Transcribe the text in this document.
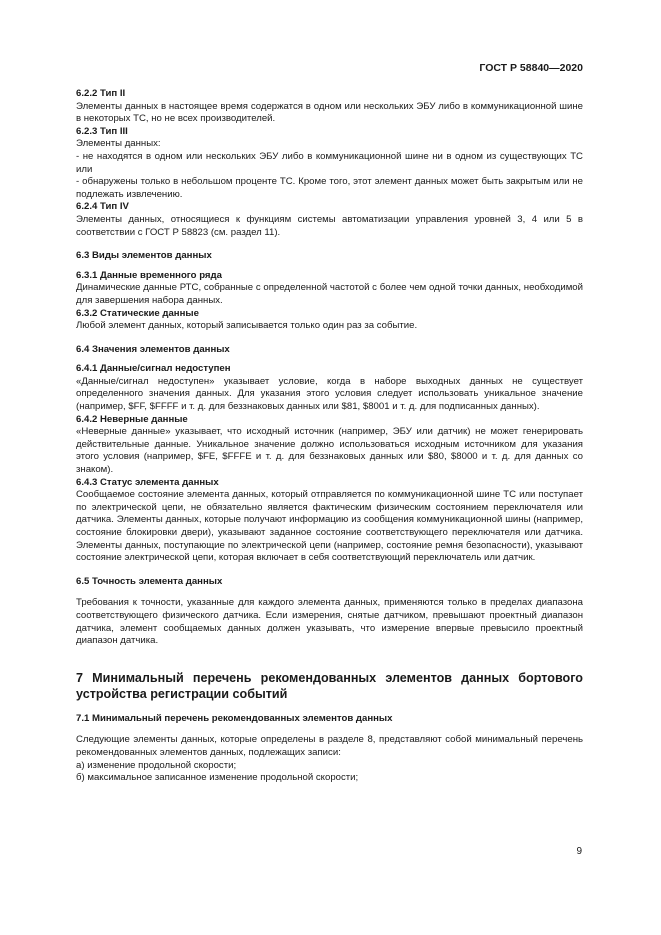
ГОСТ Р 58840—2020

6.2.2 Тип II

Элементы данных в настоящее время содержатся в одном или нескольких ЭБУ либо в коммуникационной шине в некоторых ТС, но не всех производителей.

6.2.3 Тип III

Элементы данных:

- не находятся в одном или нескольких ЭБУ либо в коммуникационной шине ни в одном из существующих ТС или

- обнаружены только в небольшом проценте ТС. Кроме того, этот элемент данных может быть закрытым или не подлежать извлечению.

6.2.4 Тип IV

Элементы данных, относящиеся к функциям системы автоматизации управления уровней 3, 4 или 5 в соответствии с ГОСТ Р 58823 (см. раздел 11).

6.3 Виды элементов данных

6.3.1 Данные временного ряда

Динамические данные РТС, собранные с определенной частотой с более чем одной точки данных, необходимой для завершения набора данных.

6.3.2 Статические данные

Любой элемент данных, который записывается только один раз за событие.

6.4 Значения элементов данных

6.4.1 Данные/сигнал недоступен

«Данные/сигнал недоступен» указывает условие, когда в наборе выходных данных не существует определенного значения данных. Для указания этого условия следует использовать уникальное значение (например, $FF, $FFFF и т. д. для беззнаковых данных или $81, $8001 и т. д. для подписанных данных).

6.4.2 Неверные данные

«Неверные данные» указывает, что исходный источник (например, ЭБУ или датчик) не может генерировать действительные данные. Уникальное значение должно использоваться исходным источником для указания этого условия (например, $FE, $FFFE и т. д. для беззнаковых данных или $80, $8000 и т. д. для данных со знаком).

6.4.3 Статус элемента данных

Сообщаемое состояние элемента данных, который отправляется по коммуникационной шине ТС или поступает по электрической цепи, не обязательно является фактическим физическим состоянием переключателя или датчика. Элементы данных, которые получают информацию из сообщения коммуникационной шины (например, состояние блокировки двери), указывают заданное состояние соответствующего переключателя или датчика. Элементы данных, поступающие по электрической цепи (например, состояние ремня безопасности), указывают состояние электрической цепи, которая включает в себя соответствующий переключатель или датчик.

6.5 Точность элемента данных

Требования к точности, указанные для каждого элемента данных, применяются только в пределах диапазона соответствующего физического датчика. Если измерения, снятые датчиком, превышают проектный диапазон датчика, элемент сообщаемых данных должен указывать, что измерение впервые превысило проектный диапазон датчика.

7 Минимальный перечень рекомендованных элементов данных бортового устройства регистрации событий

7.1 Минимальный перечень рекомендованных элементов данных

Следующие элементы данных, которые определены в разделе 8, представляют собой минимальный перечень рекомендованных элементов данных, подлежащих записи:

а) изменение продольной скорости;

б) максимальное записанное изменение продольной скорости;

9
